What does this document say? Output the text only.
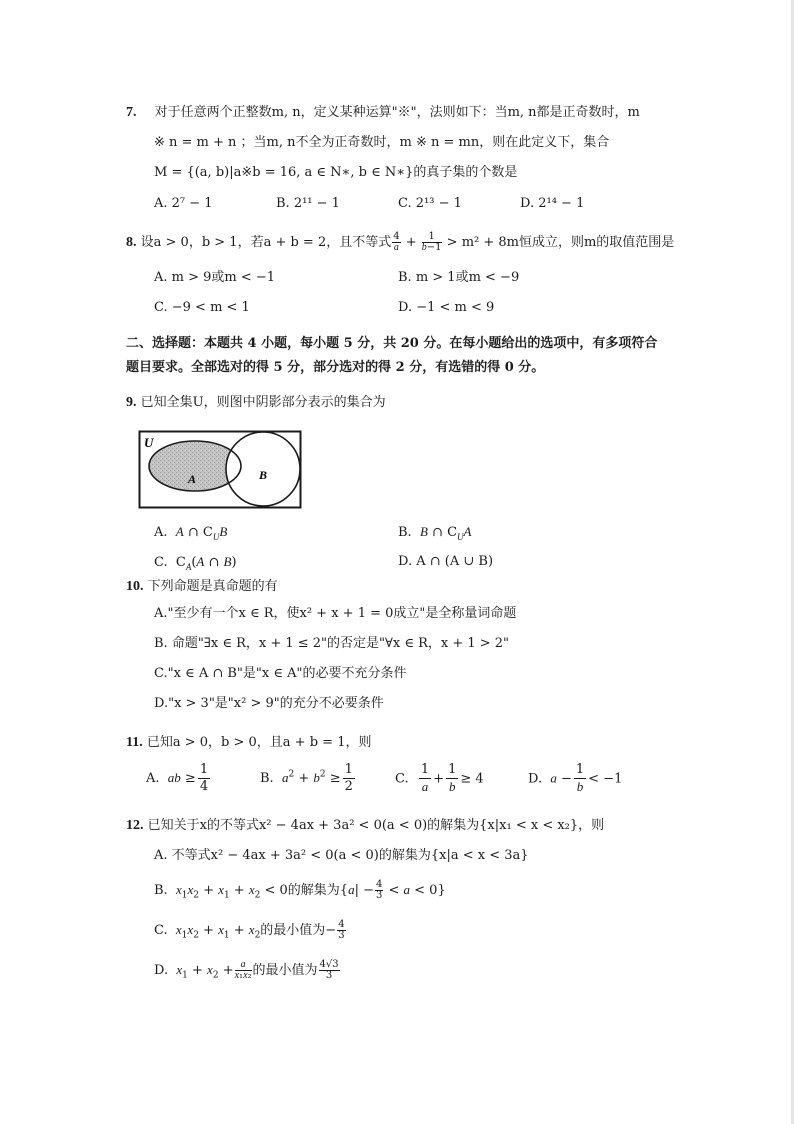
7. 对于任意两个正整数m, n，定义某种运算"※"，法则如下：当m, n都是正奇数时，m
※ n = m + n ；当m, n不全为正奇数时，m ※ n = mn，则在此定义下，集合
M = {(a, b)|a※b = 16, a ∈ N∗, b ∈ N∗}的真子集的个数是
A. 2⁷ − 1	B. 2¹¹ − 1	C. 2¹³ − 1	D. 2¹⁴ − 1
8. 设a > 0，b > 1，若a + b = 2，且不等式 $\frac{4}{a} + \frac{1}{b-1} > m^2 + 8m$恒成立，则m的取值范围是
A. m > 9或m < −1	B. m > 1或m < −9
C. −9 < m < 1	D. −1 < m < 9
二、选择题：本题共 4 小题，每小题 5 分，共 20 分。在每小题给出的选项中，有多项符合
题目要求。全部选对的得 5 分，部分选对的得 2 分，有选错的得 0 分。
9. 已知全集U，则图中阴影部分表示的集合为
U
A	B
A.  A ∩ $C_UB$	B.  B ∩ $C_UA$
C.  $C_A(A$ ∩ B)	D. A ∩ (A ∪ B)
10. 下列命题是真命题的有
A."至少有一个x ∈ R，使x² + x + 1 = 0成立"是全称量词命题
B. 命题"∃x ∈ R，x + 1 ≤ 2"的否定是"∀x ∈ R，x + 1 > 2"
C."x ∈ A ∩ B"是"x ∈ A"的必要不充分条件
D."x > 3"是"x² > 9"的充分不必要条件
11. 已知a > 0，b > 0，且a + b = 1，则
A. ab ≥ $\frac{1}{4}$	B. $a^2 + b^2 \ge \frac{1}{2}$	C. $\frac{1}{a} + \frac{1}{b} \ge 4$	D. $a - \frac{1}{b} < -1$
12. 已知关于x的不等式x² − 4ax + 3a² < 0(a < 0)的解集为{x|x₁ < x < x₂}，则
A. 不等式x² − 4ax + 3a² < 0(a < 0)的解集为{x|a < x < 3a}
B. $x_1x_2 + x_1 + x_2 < 0$的解集为$\{a| - \frac{4}{3} < a < 0\}$
C. $x_1x_2 + x_1 + x_2$的最小值为− $\frac{4}{3}$
D. $x_1 + x_2 + \frac{a}{\text{x₁x₂}}$ 的最小值为 $\frac{4√3}{3}$
